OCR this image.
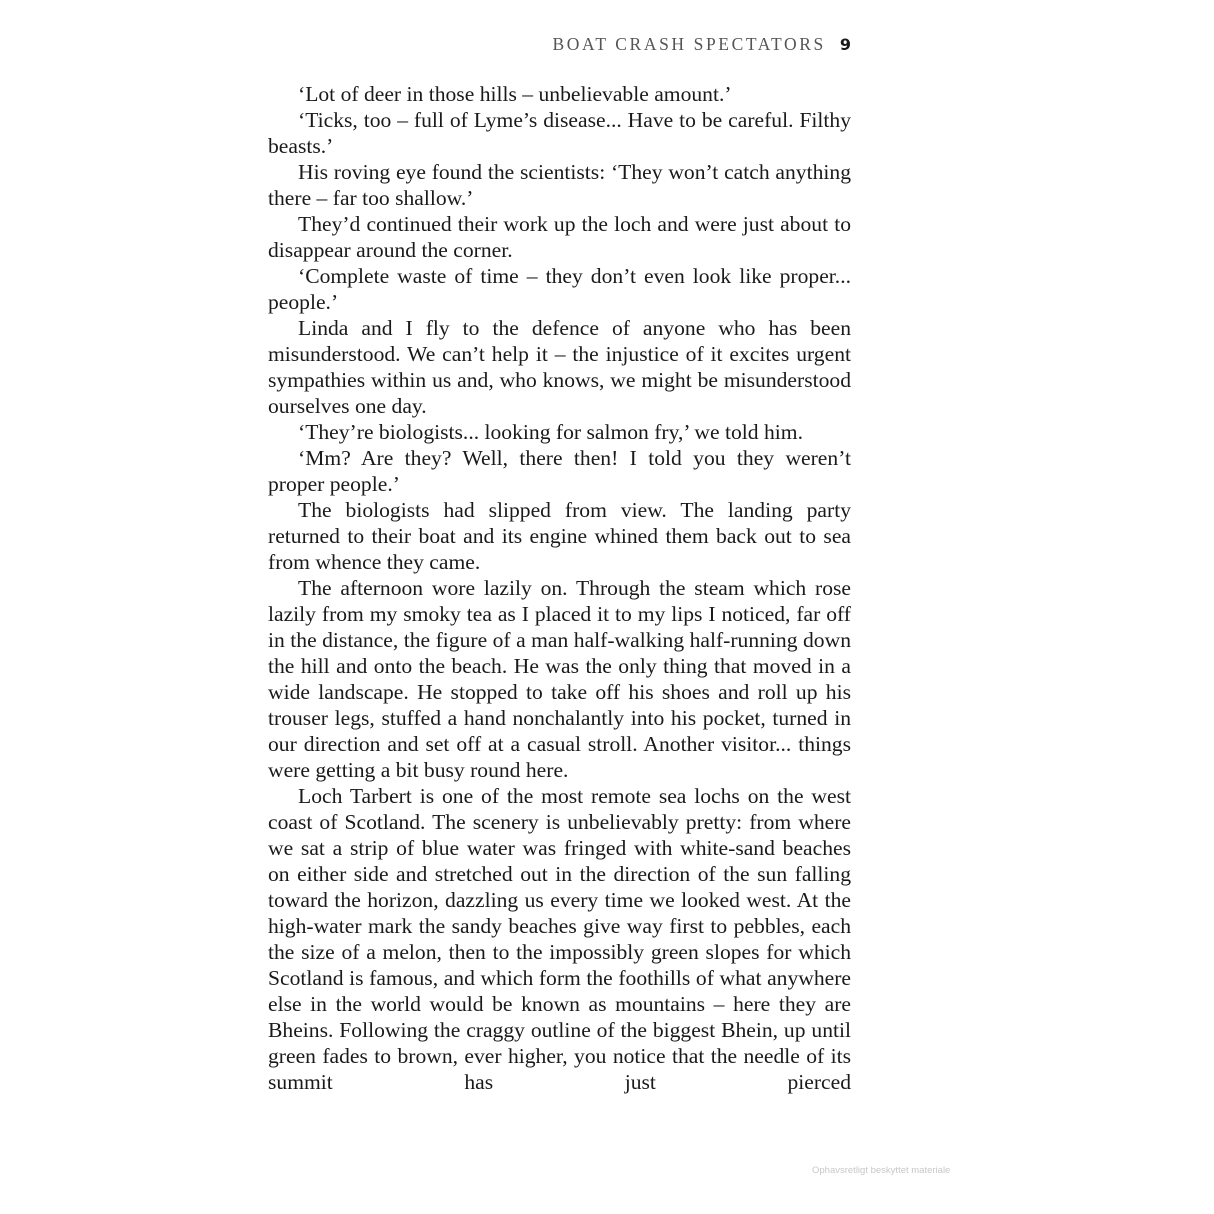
BOAT CRASH SPECTATORS 9

‘Lot of deer in those hills – unbelievable amount.’

‘Ticks, too – full of Lyme’s disease... Have to be careful. Filthy beasts.’

His roving eye found the scientists: ‘They won’t catch anything there – far too shallow.’

They’d continued their work up the loch and were just about to disappear around the corner.

‘Complete waste of time – they don’t even look like proper... people.’

Linda and I fly to the defence of anyone who has been misunderstood. We can’t help it – the injustice of it excites urgent sympathies within us and, who knows, we might be misunderstood ourselves one day.

‘They’re biologists... looking for salmon fry,’ we told him.

‘Mm? Are they? Well, there then! I told you they weren’t proper people.’

The biologists had slipped from view. The landing party returned to their boat and its engine whined them back out to sea from whence they came.

The afternoon wore lazily on. Through the steam which rose lazily from my smoky tea as I placed it to my lips I noticed, far off in the distance, the figure of a man half-walking half-running down the hill and onto the beach. He was the only thing that moved in a wide landscape. He stopped to take off his shoes and roll up his trouser legs, stuffed a hand nonchalantly into his pocket, turned in our direction and set off at a casual stroll. Another visitor... things were getting a bit busy round here.

Loch Tarbert is one of the most remote sea lochs on the west coast of Scotland. The scenery is unbelievably pretty: from where we sat a strip of blue water was fringed with white-sand beaches on either side and stretched out in the direction of the sun falling toward the horizon, dazzling us every time we looked west. At the high-water mark the sandy beaches give way first to pebbles, each the size of a melon, then to the impossibly green slopes for which Scotland is famous, and which form the foothills of what anywhere else in the world would be known as mountains – here they are Bheins. Following the craggy outline of the biggest Bhein, up until green fades to brown, ever higher, you notice that the needle of its summit has just pierced

Ophavsretligt beskyttet materiale
